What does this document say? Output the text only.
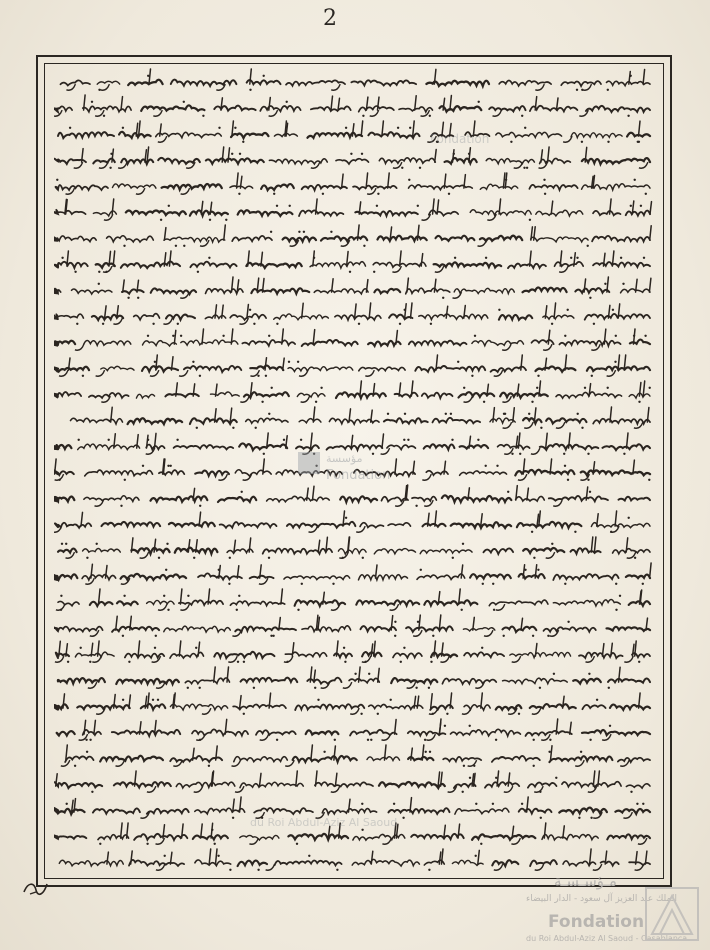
2
Fondation
مؤسسة
Fondation
du Roi Abdul-Aziz Al Saoud
مـؤسـسـة
الملك عبد العزيز آل سعود - الدار البيضاء
Fondation
du Roi Abdul-Aziz Al Saoud - Casablanca
